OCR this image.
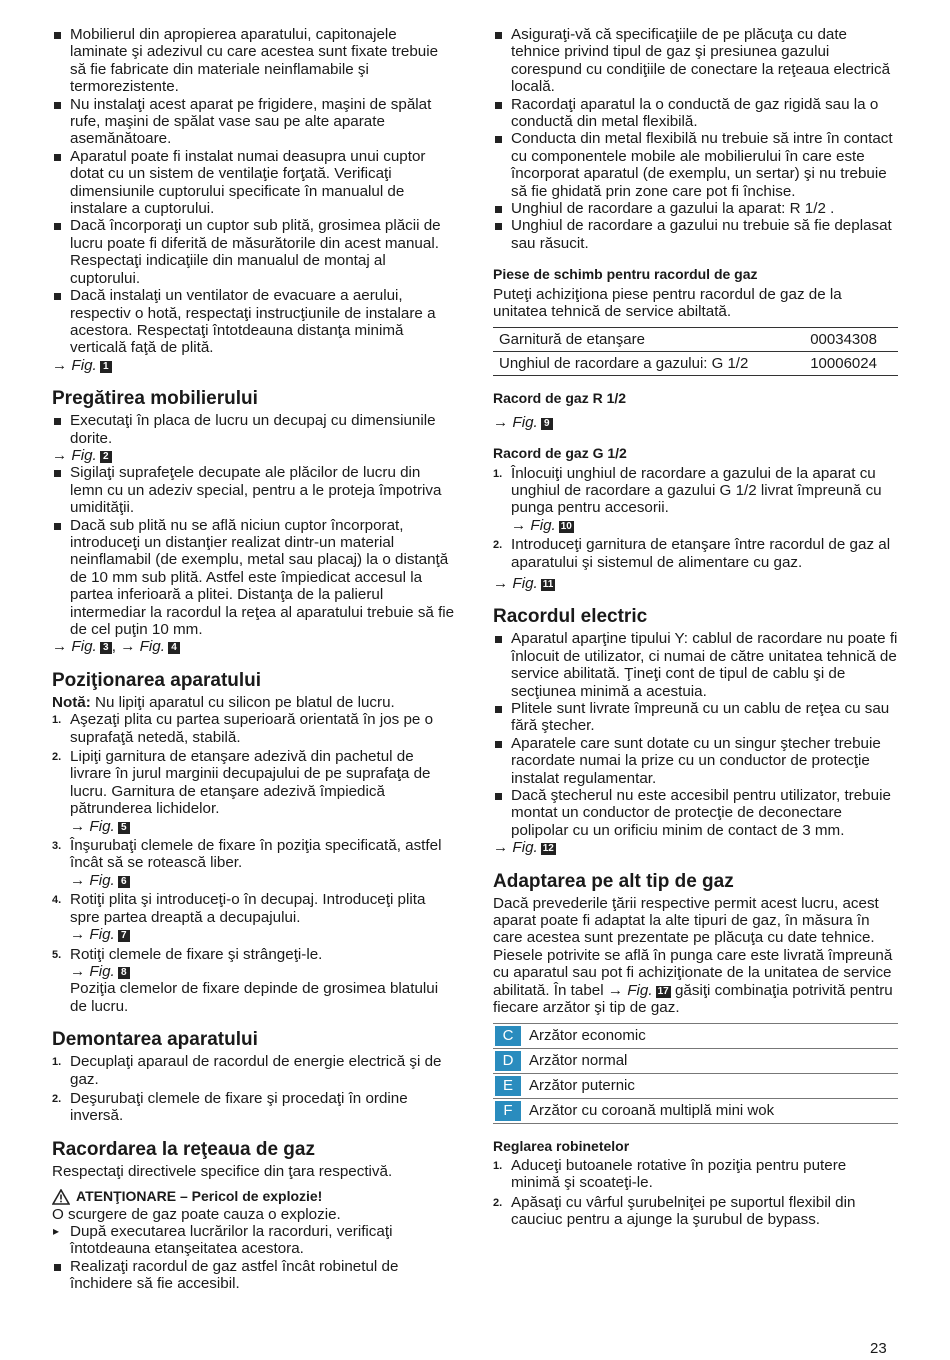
Mobilierul din apropierea aparatului, capitonajele laminate şi adezivul cu care acestea sunt fixate trebuie să fie fabricate din materiale neinflamabile şi termorezistente.
Nu instalaţi acest aparat pe frigidere, maşini de spălat rufe, maşini de spălat vase sau pe alte aparate asemănătoare.
Aparatul poate fi instalat numai deasupra unui cuptor dotat cu un sistem de ventilaţie forţată. Verificaţi dimensiunile cuptorului specificate în manualul de instalare a cuptorului.
Dacă încorporaţi un cuptor sub plită, grosimea plăcii de lucru poate fi diferită de măsurătorile din acest manual. Respectaţi indicaţiile din manualul de montaj al cuptorului.
Dacă instalaţi un ventilator de evacuare a aerului, respectiv o hotă, respectaţi instrucţiunile de instalare a acestora. Respectaţi întotdeauna distanţa minimă verticală faţă de plită.

→ Fig. 1

Pregătirea mobilierului
Executaţi în placa de lucru un decupaj cu dimensiunile dorite.

→ Fig. 2

Sigilaţi suprafeţele decupate ale plăcilor de lucru din lemn cu un adeziv special, pentru a le proteja împotriva umidităţii.
Dacă sub plită nu se află niciun cuptor încorporat, introduceţi un distanţier realizat dintr-un material neinflamabil (de exemplu, metal sau placaj) la o distanţă de 10 mm sub plită. Astfel este împiedicat accesul la partea inferioară a plitei. Distanţa de la palierul intermediar la racordul la reţea al aparatului trebuie să fie de cel puţin 10 mm.

→ Fig. 3 , → Fig. 4

Poziţionarea aparatului

Notă: Nu lipiţi aparatul cu silicon pe blatul de lucru.

1. Aşezaţi plita cu partea superioară orientată în jos pe o suprafaţă netedă, stabilă.
2. Lipiţi garnitura de etanşare adezivă din pachetul de livrare în jurul marginii decupajului de pe suprafaţa de lucru. Garnitura de etanşare adezivă împiedică pătrunderea lichidelor.
→ Fig. 5
3. Înşurubaţi clemele de fixare în poziţia specificată, astfel încât să se rotească liber.
→ Fig. 6
4. Rotiţi plita şi introduceţi-o în decupaj. Introduceţi plita spre partea dreaptă a decupajului.
→ Fig. 7
5. Rotiţi clemele de fixare şi strângeţi-le.
→ Fig. 8
Poziţia clemelor de fixare depinde de grosimea blatului de lucru.
Demontarea aparatului
1. Decuplaţi aparaul de racordul de energie electrică şi de gaz.
2. Deşurubaţi clemele de fixare şi procedaţi în ordine inversă.
Racordarea la reţeaua de gaz

Respectaţi directivele specifice din ţara respectivă.

ATENŢIONARE – Pericol de explozie!

O scurgere de gaz poate cauza o explozie.

▸ După executarea lucrărilor la racorduri, verificaţi întotdeauna etanşeitatea acestora.
Realizaţi racordul de gaz astfel încât robinetul de închidere să fie accesibil.
Asiguraţi-vă că specificaţiile de pe plăcuţa cu date tehnice privind tipul de gaz şi presiunea gazului corespund cu condiţiile de conectare la reţeaua electrică locală.
Racordaţi aparatul la o conductă de gaz rigidă sau la o conductă din metal flexibilă.
Conducta din metal flexibilă nu trebuie să intre în contact cu componentele mobile ale mobilierului în care este încorporat aparatul (de exemplu, un sertar) şi nu trebuie să fie ghidată prin zone care pot fi închise.
Unghiul de racordare a gazului la aparat: R 1/2 .
Unghiul de racordare a gazului nu trebuie să fie deplasat sau răsucit.
Piese de schimb pentru racordul de gaz

Puteţi achiziţiona piese pentru racordul de gaz de la unitatea tehnică de service abiltată.

Garnitură de etanşare	00034308
Unghiul de racordare a gazului: G 1/2	10006024
Racord de gaz R 1/2

→ Fig. 9

Racord de gaz G 1/2
1. Înlocuiţi unghiul de racordare a gazului de la aparat cu unghiul de racordare a gazului G 1/2 livrat împreună cu punga pentru accesorii.
→ Fig. 10
2. Introduceţi garnitura de etanşare între racordul de gaz al aparatului şi sistemul de alimentare cu gaz.

→ Fig. 11

Racordul electric
Aparatul aparţine tipului Y: cablul de racordare nu poate fi înlocuit de utilizator, ci numai de către unitatea tehnică de service abilitată. Ţineţi cont de tipul de cablu şi de secţiunea minimă a acestuia.
Plitele sunt livrate împreună cu un cablu de reţea cu sau fără ştecher.
Aparatele care sunt dotate cu un singur ştecher trebuie racordate numai la prize cu un conductor de protecţie instalat regulamentar.
Dacă ştecherul nu este accesibil pentru utilizator, trebuie montat un conductor de protecţie de deconectare polipolar cu un orificiu minim de contact de 3 mm.

→ Fig. 12

Adaptarea pe alt tip de gaz

Dacă prevederile ţării respective permit acest lucru, acest aparat poate fi adaptat la alte tipuri de gaz, în măsura în care acestea sunt prezentate pe plăcuţa cu date tehnice.

Piesele potrivite se află în punga care este livrată împreună cu aparatul sau pot fi achiziţionate de la unitatea de service abilitată. În tabel → Fig. 17 găsiţi combinaţia potrivită pentru fiecare arzător şi tip de gaz.

C	Arzător economic

D	Arzător normal

E	Arzător puternic

F	Arzător cu coroană multiplă mini wok
Reglarea robinetelor
1. Aduceţi butoanele rotative în poziţia pentru putere minimă şi scoateţi-le.
2. Apăsaţi cu vârful şurubelniţei pe suportul flexibil din cauciuc pentru a ajunge la şurubul de bypass.
23
